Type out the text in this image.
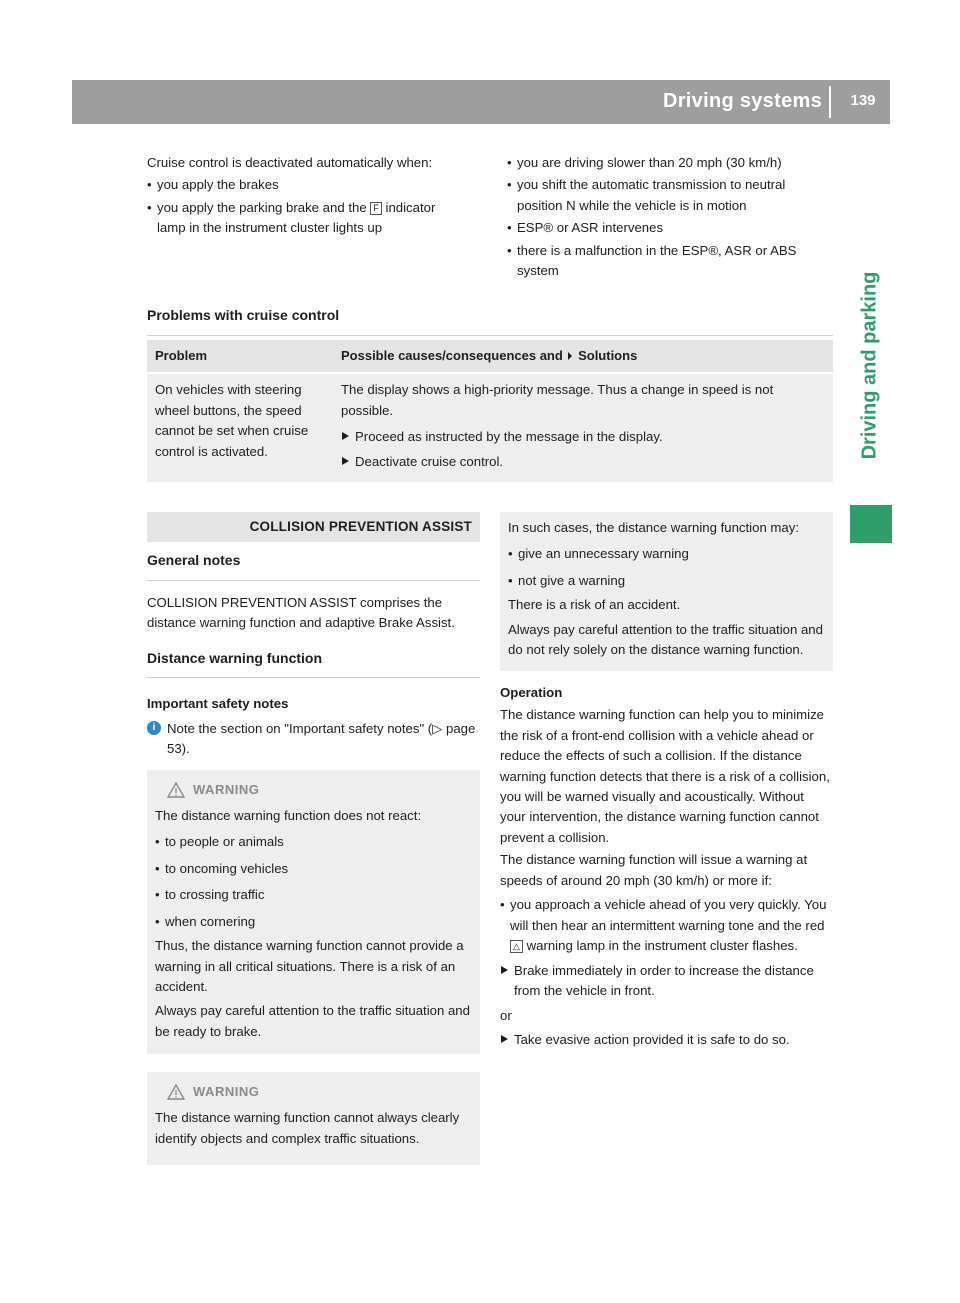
Driving systems	139
Driving and parking

Cruise control is deactivated automatically when:

• you apply the brakes

• you apply the parking brake and the F indicator lamp in the instrument cluster lights up

• you are driving slower than 20 mph (30 km/h)

• you shift the automatic transmission to neutral position N while the vehicle is in motion

• ESP® or ASR intervenes

• there is a malfunction in the ESP®, ASR or ABS system

Problems with cruise control
Problem	Possible causes/consequences and Solutions
On vehicles with steering wheel buttons, the speed cannot be set when cruise control is activated.

The display shows a high-priority message. Thus a change in speed is not possible.

Proceed as instructed by the message in the display.

Deactivate cruise control.

COLLISION PREVENTION ASSIST
General notes

COLLISION PREVENTION ASSIST comprises the distance warning function and adaptive Brake Assist.

Distance warning function

Important safety notes

i Note the section on "Important safety notes" (▷ page 53).

WARNING

The distance warning function does not react:

• to people or animals

• to oncoming vehicles

• to crossing traffic

• when cornering

Thus, the distance warning function cannot provide a warning in all critical situations. There is a risk of an accident.

Always pay careful attention to the traffic situation and be ready to brake.

WARNING

The distance warning function cannot always clearly identify objects and complex traffic situations.

In such cases, the distance warning function may:

• give an unnecessary warning

• not give a warning

There is a risk of an accident.

Always pay careful attention to the traffic situation and do not rely solely on the distance warning function.

Operation

The distance warning function can help you to minimize the risk of a front-end collision with a vehicle ahead or reduce the effects of such a collision. If the distance warning function detects that there is a risk of a collision, you will be warned visually and acoustically. Without your intervention, the distance warning function cannot prevent a collision.

The distance warning function will issue a warning at speeds of around 20 mph (30 km/h) or more if:

• you approach a vehicle ahead of you very quickly. You will then hear an intermittent warning tone and the red △ warning lamp in the instrument cluster flashes.

Brake immediately in order to increase the distance from the vehicle in front.

or

Take evasive action provided it is safe to do so.
